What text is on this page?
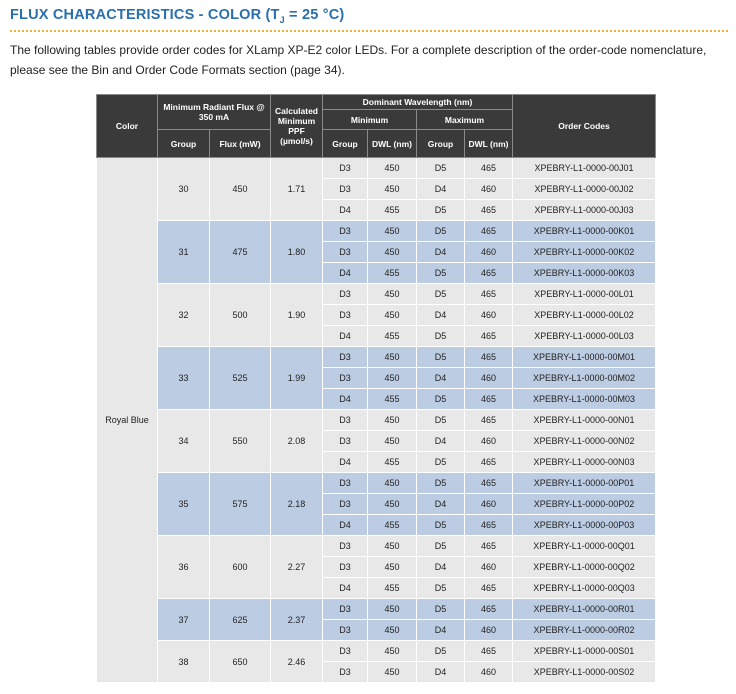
FLUX CHARACTERISTICS - COLOR ($T_J = 25$ °C)
The following tables provide order codes for XLamp XP-E2 color LEDs. For a complete description of the order-code nomenclature, please see the Bin and Order Code Formats section (page 34).
Color	Minimum Radiant Flux @ 350 mA		Calculated Minimum PPF (µmol/s)	Dominant Wavelength (nm)				Order Codes
				Minimum		Maximum		
	Group	Flux (mW)		Group	DWL (nm)	Group	DWL (nm)	
Royal Blue	30	450	1.71	D3	450	D5	465	XPEBRY-L1-0000-00J01
				D3	450	D4	460	XPEBRY-L1-0000-00J02
				D4	455	D5	465	XPEBRY-L1-0000-00J03
	31	475	1.80	D3	450	D5	465	XPEBRY-L1-0000-00K01
				D3	450	D4	460	XPEBRY-L1-0000-00K02
				D4	455	D5	465	XPEBRY-L1-0000-00K03
	32	500	1.90	D3	450	D5	465	XPEBRY-L1-0000-00L01
				D3	450	D4	460	XPEBRY-L1-0000-00L02
				D4	455	D5	465	XPEBRY-L1-0000-00L03
	33	525	1.99	D3	450	D5	465	XPEBRY-L1-0000-00M01
				D3	450	D4	460	XPEBRY-L1-0000-00M02
				D4	455	D5	465	XPEBRY-L1-0000-00M03
	34	550	2.08	D3	450	D5	465	XPEBRY-L1-0000-00N01
				D3	450	D4	460	XPEBRY-L1-0000-00N02
				D4	455	D5	465	XPEBRY-L1-0000-00N03
	35	575	2.18	D3	450	D5	465	XPEBRY-L1-0000-00P01
				D3	450	D4	460	XPEBRY-L1-0000-00P02
				D4	455	D5	465	XPEBRY-L1-0000-00P03
	36	600	2.27	D3	450	D5	465	XPEBRY-L1-0000-00Q01
				D3	450	D4	460	XPEBRY-L1-0000-00Q02
				D4	455	D5	465	XPEBRY-L1-0000-00Q03
	37	625	2.37	D3	450	D5	465	XPEBRY-L1-0000-00R01
				D3	450	D4	460	XPEBRY-L1-0000-00R02
	38	650	2.46	D3	450	D5	465	XPEBRY-L1-0000-00S01
				D3	450	D4	460	XPEBRY-L1-0000-00S02
